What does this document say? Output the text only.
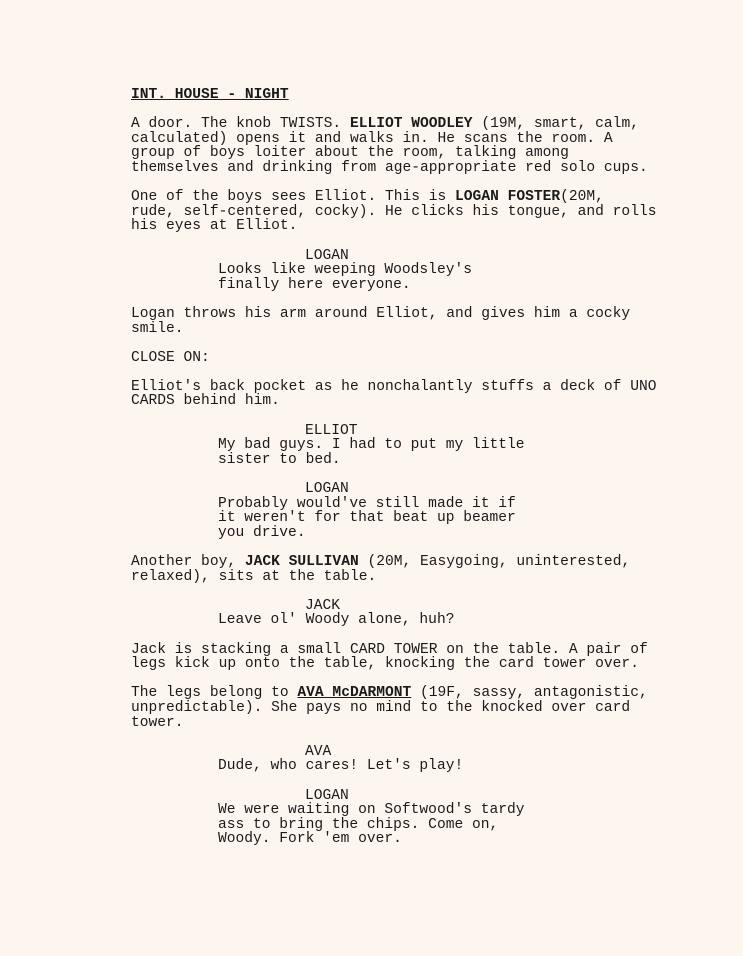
INT. HOUSE - NIGHT
A door. The knob TWISTS. ELLIOT WOODLEY (19M, smart, calm,
calculated) opens it and walks in. He scans the room. A
group of boys loiter about the room, talking among
themselves and drinking from age-appropriate red solo cups.
One of the boys sees Elliot. This is LOGAN FOSTER(20M,
rude, self-centered, cocky). He clicks his tongue, and rolls
his eyes at Elliot.
LOGAN
Looks like weeping Woodsley's
finally here everyone.
Logan throws his arm around Elliot, and gives him a cocky
smile.
CLOSE ON:
Elliot's back pocket as he nonchalantly stuffs a deck of UNO
CARDS behind him.
ELLIOT
My bad guys. I had to put my little
sister to bed.
LOGAN
Probably would've still made it if
it weren't for that beat up beamer
you drive.
Another boy, JACK SULLIVAN (20M, Easygoing, uninterested,
relaxed), sits at the table.
JACK
Leave ol' Woody alone, huh?
Jack is stacking a small CARD TOWER on the table. A pair of
legs kick up onto the table, knocking the card tower over.
The legs belong to AVA McDARMONT (19F, sassy, antagonistic,
unpredictable). She pays no mind to the knocked over card
tower.
AVA
Dude, who cares! Let's play!
LOGAN
We were waiting on Softwood's tardy
ass to bring the chips. Come on,
Woody. Fork 'em over.
